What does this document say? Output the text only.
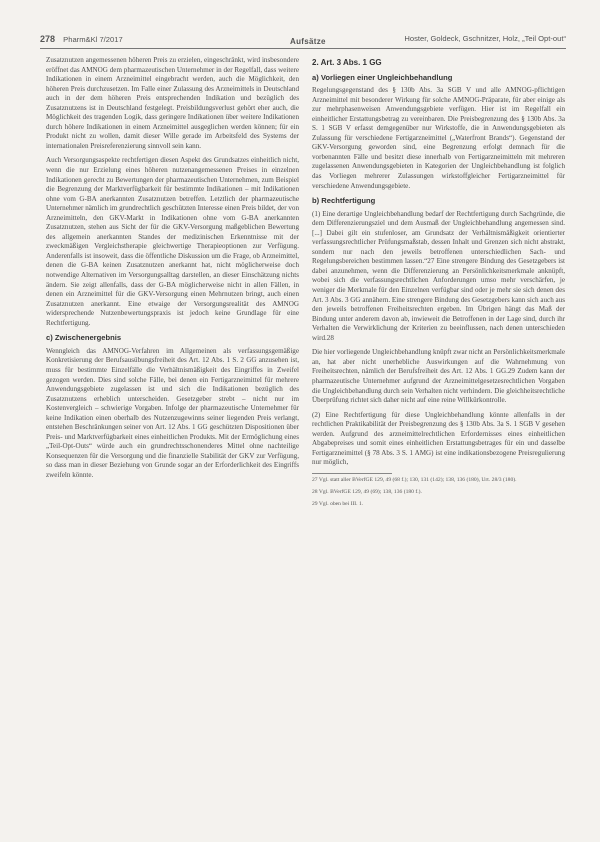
278 Pharm&Kl 7/2017	Aufsätze	Hoster, Goldeck, Gschnitzer, Holz, „Teil Opt-out“

Zusatznutzen angemessenen höheren Preis zu erzielen, eingeschränkt, wird insbesondere eröffnet das AMNOG dem pharmazeutischen Unternehmer in der Regelfall, dass weitere Indikationen in einem Arzneimittel eingebracht werden, auch die Möglichkeit, den höheren Preis durchzusetzen. Im Falle einer Zulassung des Arzneimittels in Deutschland auch in der dem höheren Preis entsprechenden Indikation und bezüglich des Zusatznutzens ist in Deutschland festgelegt. Preisbildungsverlust gehört eher auch, die Möglichkeit des tragenden Logik, dass geringere Indikationen über weitere Indikationen durch höhere Indikationen in einem Arzneimittel ausgeglichen werden können; für ein Produkt nicht zu wollen, damit dieser Wille gerade im Arbeitsfeld des Systems der internationalen Preisreferenzierung sinnvoll sein kann.

Auch Versorgungsaspekte rechtfertigen diesen Aspekt des Grundsatzes einheitlich nicht, wenn die nur Erzielung eines höheren nutzenangemessenen Preises in einzelnen Indikationen gerecht zu Bewertungen der pharmazeutischen Unternehmen, zum Beispiel die Begrenzung der Marktverfügbarkeit für bestimmte Indikationen – mit Indikationen ohne vom G-BA anerkannten Zusatznutzen betreffen. Letztlich der pharmazeutische Unternehmer nämlich im grundrechtlich geschützten Interesse einen Preis bildet, der von Arzneimitteln, den GKV-Markt in Indikationen ohne vom G-BA anerkannten Zusatznutzen, stehen aus Sicht der für die GKV-Versorgung maßgeblichen Bewertung des allgemein anerkannten Standes der medizinischen Erkenntnisse mit der zweckmäßigen Vergleichstherapie gleichwertige Therapieoptionen zur Verfügung. Anderenfalls ist insoweit, dass die öffentliche Diskussion um die Frage, ob Arzneimittel, denen die G-BA keinen Zusatznutzen anerkannt hat, nicht möglicherweise doch notwendige Alternativen im Versorgungsalltag darstellen, an dieser Einschätzung nichts ändern. Sie zeigt allenfalls, dass der G-BA möglicherweise nicht in allen Fällen, in denen ein Arzneimittel für die GKV-Versorgung einen Mehrnutzen bringt, auch einen Zusatznutzen anerkannt. Eine etwaige der Versorgungsrealität des AMNOG widersprechende Nutzenbewertungspraxis ist jedoch keine Grundlage für eine Rechtfertigung.

c) Zwischenergebnis

Wenngleich das AMNOG-Verfahren im Allgemeinen als verfassungsgemäßige Konkretisierung der Berufsausübungsfreiheit des Art. 12 Abs. 1 S. 2 GG anzusehen ist, muss für bestimmte Einzelfälle die Verhältnismäßigkeit des Eingriffes in Zweifel gezogen werden. Dies sind solche Fälle, bei denen ein Fertigarzneimittel für mehrere Anwendungsgebiete zugelassen ist und sich die Indikationen bezüglich des Zusatznutzens erheblich unterscheiden. Gesetzgeber strebt – nicht nur im Kostenvergleich – schwierige Vorgaben. Infolge der pharmazeutische Unternehmer für keine Indikation einen oberhalb des Nutzenzugewinns seiner liegenden Preis verlangt, entstehen Beschränkungen seiner von Art. 12 Abs. 1 GG geschützten Dispositionen über Preis- und Marktverfügbarkeit eines einheitlichen Produkts. Mit der Ermöglichung eines „Teil-Opt-Outs“ würde auch ein grundrechtsschonenderes Mittel ohne nachteilige Konsequenzen für die Versorgung und die finanzielle Stabilität der GKV zur Verfügung, so dass man in dieser Beziehung von Grunde sogar an der Erforderlichkeit des Eingriffs zweifeln könnte.

2. Art. 3 Abs. 1 GG
a) Vorliegen einer Ungleichbehandlung

Regelungsgegenstand des § 130b Abs. 3a SGB V und alle AMNOG-pflichtigen Arzneimittel mit besonderer Wirkung für solche AMNOG-Präparate, für aber einige als zur mehrphasenweisen Anwendungsgebiete verfügen. Hier ist im Regelfall ein einheitlicher Erstattungsbetrag zu vereinbaren. Die Preisbegrenzung des § 130b Abs. 3a S. 1 SGB V erfasst demgegenüber nur Wirkstoffe, die in Anwendungsgebieten als Zulassung für verschiedene Fertigarzneimittel („Waterfront Brands“). Gegenstand der GKV-Versorgung geworden sind, eine Begrenzung erfolgt demnach für die vorbenannten Fälle und besitzt diese innerhalb von Fertigarzneimitteln mit mehreren zugelassenen Anwendungsgebieten in Kategorien der Ungleichbehandlung ist folglich das Vorliegen mehrerer Zulassungen wirkstoffgleicher Fertigarzneimittel für verschiedene Anwendungsgebiete.

b) Rechtfertigung

(1) Eine derartige Ungleichbehandlung bedarf der Rechtfertigung durch Sachgründe, die dem Differenzierungsziel und dem Ausmaß der Ungleichbehandlung angemessen sind. [...] Dabei gilt ein stufenloser, am Grundsatz der Verhältnismäßigkeit orientierter verfassungsrechtlicher Prüfungsmaßstab, dessen Inhalt und Grenzen sich nicht abstrakt, sondern nur nach den jeweils betroffenen unterschiedlichen Sach- und Regelungsbereichen bestimmen lassen.“27 Eine strengere Bindung des Gesetzgebers ist dabei anzunehmen, wenn die Differenzierung an Persönlichkeitsmerkmale anknüpft, wobei sich die verfassungsrechtlichen Anforderungen umso mehr verschärfen, je weniger die Merkmale für den Einzelnen verfügbar sind oder je mehr sie sich denen des Art. 3 Abs. 3 GG annähern. Eine strengere Bindung des Gesetzgebers kann sich auch aus den jeweils betroffenen Freiheitsrechten ergeben. Im Übrigen hängt das Maß der Bindung unter anderem davon ab, inwieweit die Betroffenen in der Lage sind, durch ihr Verhalten die Verwirklichung der Kriterien zu beeinflussen, nach denen unterschieden wird.28

Die hier vorliegende Ungleichbehandlung knüpft zwar nicht an Persönlichkeitsmerkmale an, hat aber nicht unerhebliche Auswirkungen auf die Wahrnehmung von Freiheitsrechten, nämlich der Berufsfreiheit des Art. 12 Abs. 1 GG.29 Zudem kann der pharmazeutische Unternehmer aufgrund der Arzneimittelgesetzesrechtlichen Vorgaben die Ungleichbehandlung durch sein Verhalten nicht verhindern. Die gleichheitsrechtliche Überprüfung richtet sich daher nicht auf eine reine Willkürkontrolle.

(2) Eine Rechtfertigung für diese Ungleichbehandlung könnte allenfalls in der rechtlichen Praktikabilität der Preisbegrenzung des § 130b Abs. 3a S. 1 SGB V gesehen werden. Aufgrund des arzneimittelrechtlichen Erfordernisses eines einheitlichen Abgabepreises und somit eines einheitlichen Erstattungsbetrages für ein und dasselbe Fertigarzneimittel (§ 78 Abs. 3 S. 1 AMG) ist eine indikationsbezogene Preisregulierung nur möglich,

27 Vgl. statt aller BVerfGE 129, 49 (68 f.); 130, 131 (142); 138, 136 (180), Urt. 28/3 (180).

28 Vgl. BVerfGE 129, 49 (69); 138, 136 (180 f.).

29 Vgl. oben bei III. 1.
